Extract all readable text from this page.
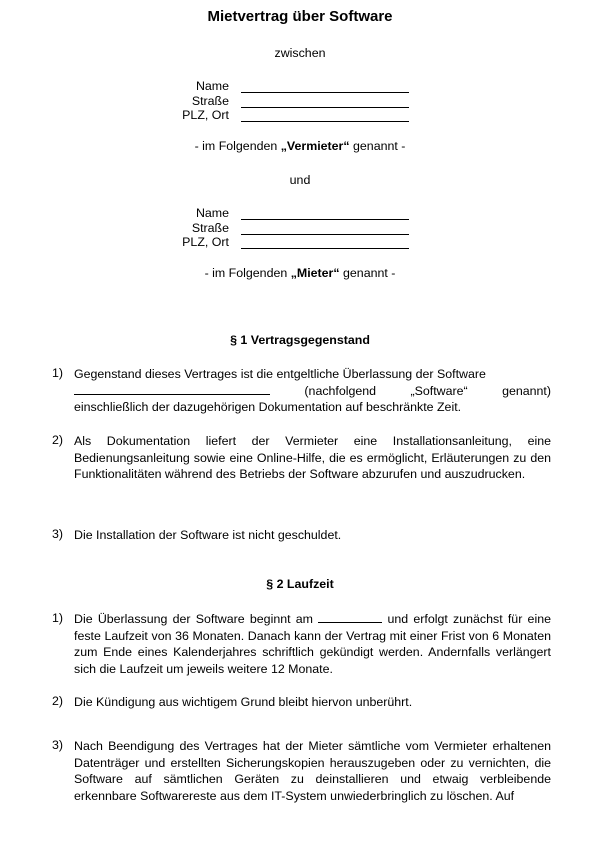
Mietvertrag über Software
zwischen
Name
Straße
PLZ, Ort
- im Folgenden „Vermieter“ genannt -
und
Name
Straße
PLZ, Ort
- im Folgenden „Mieter“ genannt -
§ 1 Vertragsgegenstand
1) Gegenstand dieses Vertrages ist die entgeltliche Überlassung der Software
(nachfolgend	„Software“	genannt)
einschließlich der dazugehörigen Dokumentation auf beschränkte Zeit.
2) Als Dokumentation liefert der Vermieter eine Installationsanleitung, eine Bedienungsanleitung sowie eine Online-Hilfe, die es ermöglicht, Erläuterungen zu den Funktionalitäten während des Betriebs der Software abzurufen und auszudrucken.
3) Die Installation der Software ist nicht geschuldet.
§ 2 Laufzeit
1) Die Überlassung der Software beginnt am	und erfolgt zunächst für eine feste Laufzeit von 36 Monaten. Danach kann der Vertrag mit einer Frist von 6 Monaten zum Ende eines Kalenderjahres schriftlich gekündigt werden. Andernfalls verlängert sich die Laufzeit um jeweils weitere 12 Monate.
2) Die Kündigung aus wichtigem Grund bleibt hiervon unberührt.
3) Nach Beendigung des Vertrages hat der Mieter sämtliche vom Vermieter erhaltenen Datenträger und erstellten Sicherungskopien herauszugeben oder zu vernichten, die Software auf sämtlichen Geräten zu deinstallieren und etwaig verbleibende erkennbare Softwarereste aus dem IT-System unwiederbringlich zu löschen. Auf
